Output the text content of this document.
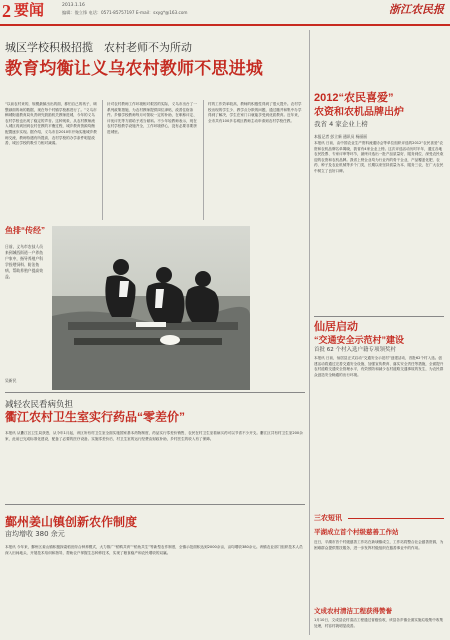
2 要闻	2013.1.16
编辑：俊立锋 电话：0571-85757197 E-mail：sxyg*@163.com	浙江农民报
城区学校积极招揽　农村老师不为所动
教育均衡让义乌农村教师不思进城
“以前农村来的，规模最频出出的面，都怕自己的孩子，调整副面的场的数据，现在每个村镇学校都进行了。”义乌市稠城街道教育局负责研究鼓励机关教师进城，今年的义乌农村学校也出现了稳定的声音。这种现象，从农村教师流入城区再到回到农村任教的平衡过程，城乡教育资源均衡配置逐步实现。据介绍，义乌市自2010年开始实施城乡教师交流，教师待遇有所提高，农村学校的办学条件明显改善，城区学校的吸引力相对减弱。
针对农村教师工作环境相对艰苦的实际，义乌市出台了一系列政策措施，为农村教师提供岗位津贴，改善住宿条件。乡镇学校教师每月可领取一定的补助，在职称评定、评优评先等方面给予适当倾斜。不少年轻教师表示，现在农村学校教学设施齐全，工作环境舒心，没有必要非要挤进城里。
村的工作效率较高，教师的积极性得到了很大提升。农村学校出现的学生少、教学点分散的问题，通过撤并和集中办学得到了解决，学生在家门口就能享受到优质教育。近年来，全市共有100多名城区教师主动申请到农村学校任教。
鱼排“传经”
日前，义乌市农技人员来到城西街道一户养鱼户家中，指导养殖户科学投喂饲料、防治鱼病，帮助养殖户提高效益。
吴新民
减轻农民看病负担
衢江农村卫生室实行药品“零差价”
本报讯 从衢江区卫生局获悉，从今年1月起，该区所有村卫生室全面实施国家基本药物制度，药品实行零差价销售，农民在村卫生室看病买药可以节省不少开支。衢江区共有村卫生室200余家，此前已完成标准化建设，配备了必要的医疗设备。实施零差价后，村卫生室的运行经费由财政补助，乡村医生的收入有了保障。
鄞州姜山镇创新农作制度
亩均增收 380 余元
本报讯 今年来，鄞州区姜山镇积极探索稻田综合种养模式，大力推广“稻鸭共育”“稻鱼共生”等新型农作制度，全镇示范面积达到2000余亩，亩均增收380余元。该镇农业部门组织技术人员深入田间地头，开展技术培训和指导，帮助农户掌握生态种养技术，实现了粮食稳产和农民增收的双赢。
2012“农民喜爱”
农资和农机品牌出炉
我省 4 家企业上榜
本报记者 彭立新 通讯员 杨丽丽
本报讯 日前，由中国农业生产资料流通协会等单位组织评选的2012“农民喜爱”农资和农机品牌名单揭晓，我省有4家企业上榜。这次评选活动历时半年，通过各地农民投票、专家评审等环节，最终评选出一批产品质量好、服务到位、深受农民欢迎的农资和农机品牌。我省上榜企业均为行业内的骨干企业，产品覆盖化肥、农药、种子及农业机械等多个门类，长期以来坚持质量为本、服务三农，在广大农民中树立了良好口碑。
仙居启动
“交通安全示范村”建设
首批 62 个村入选户籍专项领奖村
本报讯 日前，仙居县正式启动“交通安全示范村”创建活动，首批62个村入选。创建活动将通过完善交通安全设施、加强宣传教育、落实安全责任等措施，全面提升农村道路交通安全管理水平，有效预防和减少农村道路交通事故的发生，为农民群众创造安全畅通的出行环境。
三农短讯
平湖成立首个村级慈善工作站
近日，平湖市首个村级慈善工作站在新埭镇成立，工作站将整合社会慈善资源，为困难群众提供帮扶服务，进一步发挥村级组织在慈善事业中的作用。
文成农村清洁工程获得赞誉
1月10日，文成县农村清洁工程通过省级验收，该县各乡镇全面实施垃圾集中收集处理，村容村貌明显改善。
